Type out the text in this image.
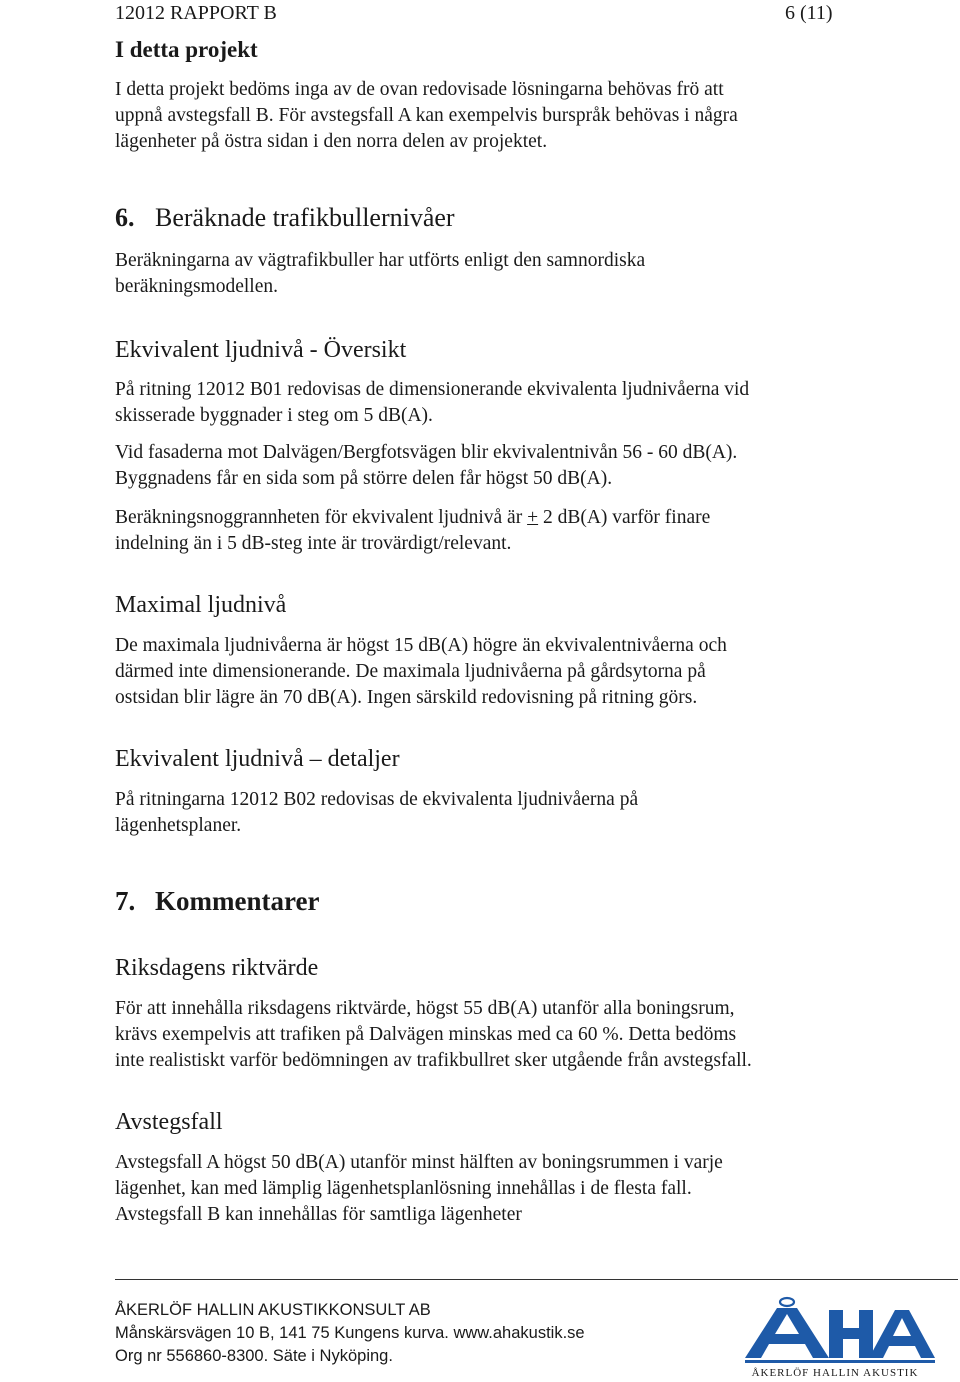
12012 RAPPORT B	6 (11)
I detta projekt

I detta projekt bedöms inga av de ovan redovisade lösningarna behövas frö att

uppnå avstegsfall B. För avstegsfall A kan exempelvis burspråk behövas i några

lägenheter på östra sidan i den norra delen av projektet.

6. Beräknade trafikbullernivåer

Beräkningarna av vägtrafikbuller har utförts enligt den samnordiska

beräkningsmodellen.

Ekvivalent ljudnivå - Översikt

På ritning 12012 B01 redovisas de dimensionerande ekvivalenta ljudnivåerna vid

skisserade byggnader i steg om 5 dB(A).

Vid fasaderna mot Dalvägen/Bergfotsvägen blir ekvivalentnivån 56 - 60 dB(A).

Byggnadens får en sida som på större delen får högst 50 dB(A).

Beräkningsnoggrannheten för ekvivalent ljudnivå är + 2 dB(A) varför finare

indelning än i 5 dB-steg inte är trovärdigt/relevant.

Maximal ljudnivå

De maximala ljudnivåerna är högst 15 dB(A) högre än ekvivalentnivåerna och

därmed inte dimensionerande. De maximala ljudnivåerna på gårdsytorna på

ostsidan blir lägre än 70 dB(A). Ingen särskild redovisning på ritning görs.

Ekvivalent ljudnivå – detaljer

På ritningarna 12012 B02 redovisas de ekvivalenta ljudnivåerna på

lägenhetsplaner.

7. Kommentarer
Riksdagens riktvärde

För att innehålla riksdagens riktvärde, högst 55 dB(A) utanför alla boningsrum,

krävs exempelvis att trafiken på Dalvägen minskas med ca 60 %. Detta bedöms

inte realistiskt varför bedömningen av trafikbullret sker utgående från avstegsfall.

Avstegsfall

Avstegsfall A högst 50 dB(A) utanför minst hälften av boningsrummen i varje

lägenhet, kan med lämplig lägenhetsplanlösning innehållas i de flesta fall.

Avstegsfall B kan innehållas för samtliga lägenheter

ÅKERLÖF HALLIN AKUSTIKKONSULT AB
Månskärsvägen 10 B, 141 75 Kungens kurva. www.ahakustik.se
Org nr 556860-8300. Säte i Nyköping.
ÅKERLÖF HALLIN AKUSTIK
